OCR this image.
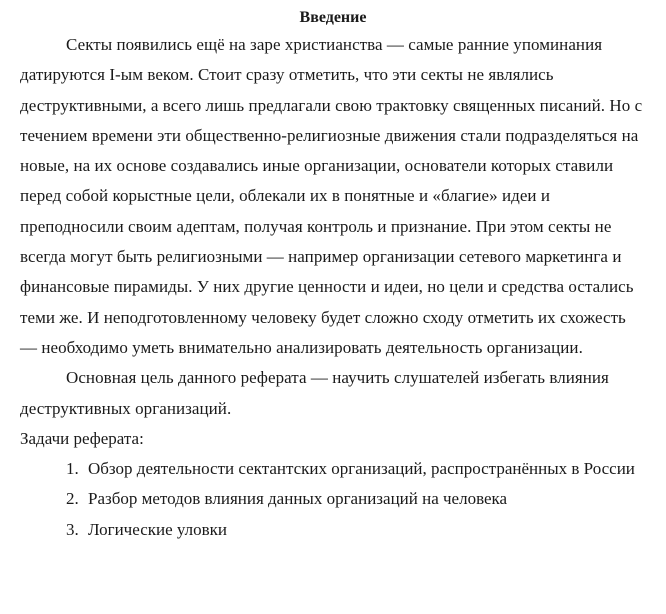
Введение

Секты появились ещё на заре христианства — самые ранние упоминания датируются I-ым веком. Стоит сразу отметить, что эти секты не являлись деструктивными, а всего лишь предлагали свою трактовку священных писаний. Но с течением времени эти общественно-религиозные движения стали подразделяться на новые, на их основе создавались иные организации, основатели которых ставили перед собой корыстные цели, облекали их в понятные и «благие» идеи и преподносили своим адептам, получая контроль и признание. При этом секты не всегда могут быть религиозными — например организации сетевого маркетинга и финансовые пирамиды. У них другие ценности и идеи, но цели и средства остались теми же. И неподготовленному человеку будет сложно сходу отметить их схожесть — необходимо уметь внимательно анализировать деятельность организации.

Основная цель данного реферата — научить слушателей избегать влияния деструктивных организаций.

Задачи реферата:

1. Обзор деятельности сектантских организаций, распространённых в России
2. Разбор методов влияния данных организаций на человека
3. Логические уловки
